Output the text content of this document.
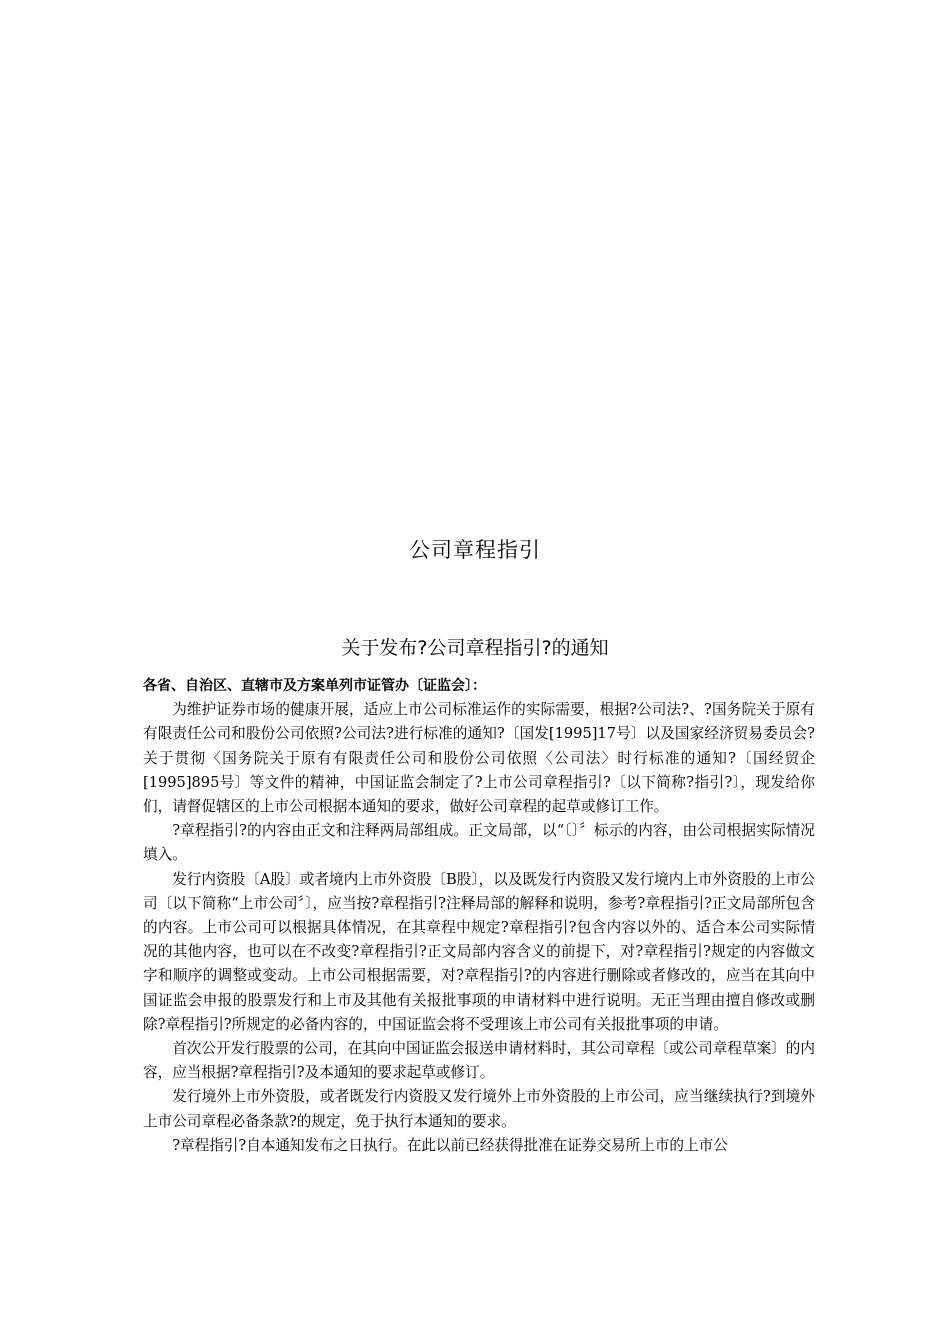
公司章程指引
关于发布?公司章程指引?的通知

各省、自治区、直辖市及方案单列市证管办〔证监会〕：

为维护证券市场的健康开展，适应上市公司标准运作的实际需要，根据?公司法?、?国务院关于原有有限责任公司和股份公司依照?公司法?进行标准的通知?〔国发[1995]17号〕以及国家经济贸易委员会?关于贯彻〈国务院关于原有有限责任公司和股份公司依照〈公司法〉时行标准的通知?〔国经贸企[1995]895号〕等文件的精神，中国证监会制定了?上市公司章程指引?〔以下简称?指引?〕，现发给你们，请督促辖区的上市公司根据本通知的要求，做好公司章程的起草或修订工作。

?章程指引?的内容由正文和注释两局部组成。正文局部，以“〔〕〞标示的内容，由公司根据实际情况填入。

发行内资股〔A股〕或者境内上市外资股〔B股〕，以及既发行内资股又发行境内上市外资股的上市公司〔以下简称“上市公司〞〕，应当按?章程指引?注释局部的解释和说明，参考?章程指引?正文局部所包含的内容。上市公司可以根据具体情况，在其章程中规定?章程指引?包含内容以外的、适合本公司实际情况的其他内容，也可以在不改变?章程指引?正文局部内容含义的前提下，对?章程指引?规定的内容做文字和顺序的调整或变动。上市公司根据需要，对?章程指引?的内容进行删除或者修改的，应当在其向中国证监会申报的股票发行和上市及其他有关报批事项的申请材料中进行说明。无正当理由擅自修改或删除?章程指引?所规定的必备内容的，中国证监会将不受理该上市公司有关报批事项的申请。

首次公开发行股票的公司，在其向中国证监会报送申请材料时，其公司章程〔或公司章程草案〕的内容，应当根据?章程指引?及本通知的要求起草或修订。

发行境外上市外资股，或者既发行内资股又发行境外上市外资股的上市公司，应当继续执行?到境外上市公司章程必备条款?的规定，免于执行本通知的要求。

?章程指引?自本通知发布之日执行。在此以前已经获得批准在证券交易所上市的上市公
